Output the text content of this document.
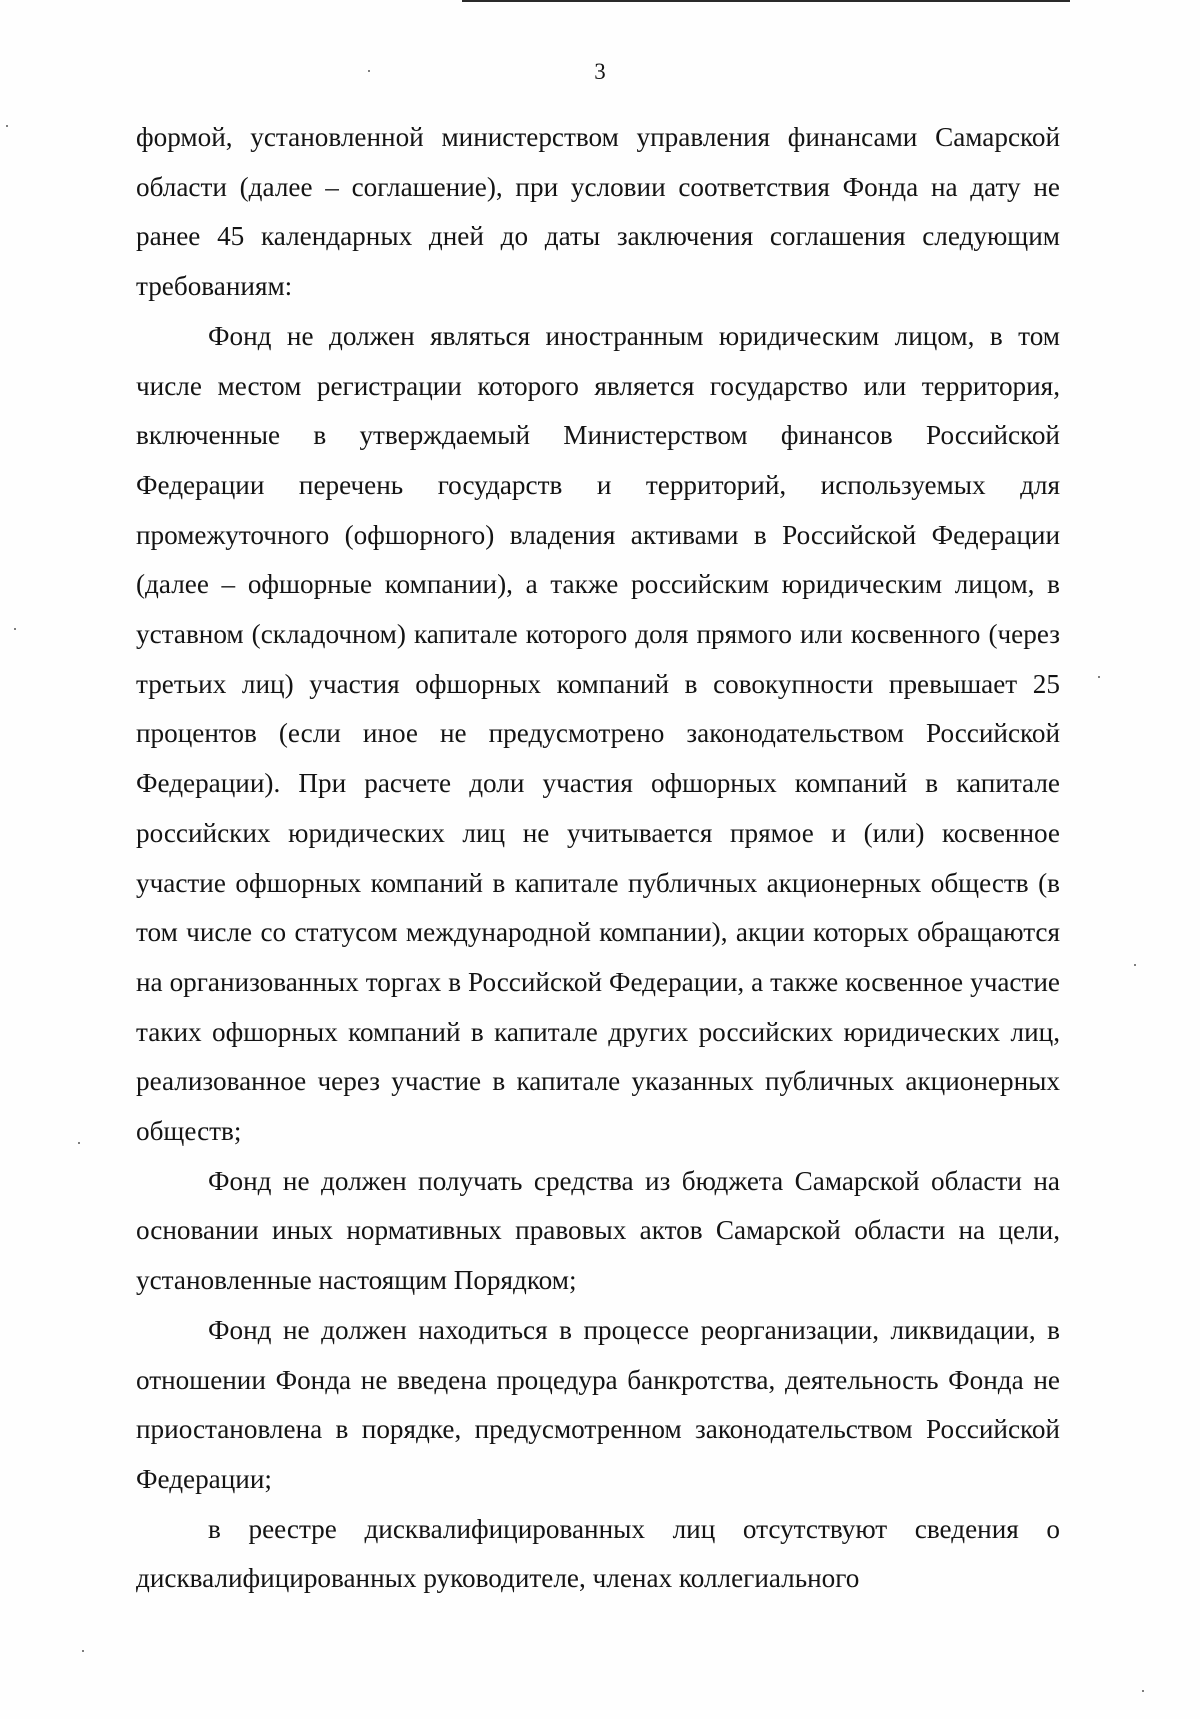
3

формой, установленной министерством управления финансами Самарской области (далее – соглашение), при условии соответствия Фонда на дату не ранее 45 календарных дней до даты заключения соглашения следующим требованиям:

Фонд не должен являться иностранным юридическим лицом, в том числе местом регистрации которого является государство или территория, включенные в утверждаемый Министерством финансов Российской Федерации перечень государств и территорий, используемых для промежуточного (офшорного) владения активами в Российской Федерации (далее – офшорные компании), а также российским юридическим лицом, в уставном (складочном) капитале которого доля прямого или косвенного (через третьих лиц) участия офшорных компаний в совокупности превышает 25 процентов (если иное не предусмотрено законодательством Российской Федерации). При расчете доли участия офшорных компаний в капитале российских юридических лиц не учитывается прямое и (или) косвенное участие офшорных компаний в капитале публичных акционерных обществ (в том числе со статусом международной компании), акции которых обращаются на организованных торгах в Российской Федерации, а также косвенное участие таких офшорных компаний в капитале других российских юридических лиц, реализованное через участие в капитале указанных публичных акционерных обществ;

Фонд не должен получать средства из бюджета Самарской области на основании иных нормативных правовых актов Самарской области на цели, установленные настоящим Порядком;

Фонд не должен находиться в процессе реорганизации, ликвидации, в отношении Фонда не введена процедура банкротства, деятельность Фонда не приостановлена в порядке, предусмотренном законодательством Российской Федерации;

в реестре дисквалифицированных лиц отсутствуют сведения о дисквалифицированных руководителе, членах коллегиального
